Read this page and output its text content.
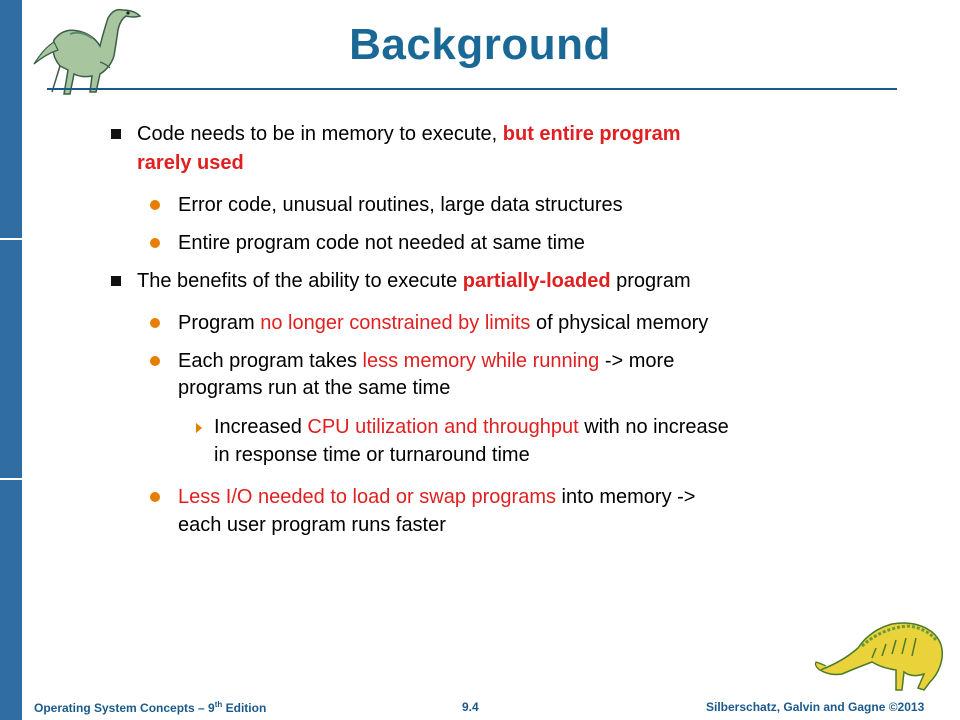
Background
Code needs to be in memory to execute, but entire program
rarely used
Error code, unusual routines, large data structures
Entire program code not needed at same time
The benefits of the ability to execute partially-loaded program
Program no longer constrained by limits of physical memory
Each program takes less memory while running -> more
programs run at the same time
Increased CPU utilization and throughput with no increase
in response time or turnaround time
Less I/O needed to load or swap programs into memory ->
each user program runs faster
Operating System Concepts – 9th Edition	9.4	Silberschatz, Galvin and Gagne ©2013
